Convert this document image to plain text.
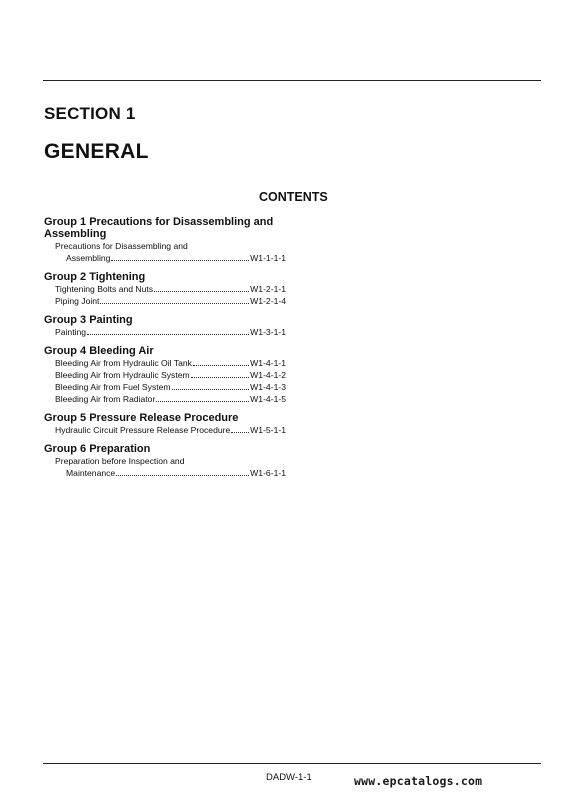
SECTION 1
GENERAL
CONTENTS
Group 1 Precautions for Disassembling and
Assembling
Precautions for Disassembling and
Assembling	W1-1-1-1
Group 2 Tightening
Tightening Bolts and Nuts	W1-2-1-1
Piping Joint	W1-2-1-4
Group 3 Painting
Painting	W1-3-1-1
Group 4 Bleeding Air
Bleeding Air from Hydraulic Oil Tank	W1-4-1-1
Bleeding Air from Hydraulic System	W1-4-1-2
Bleeding Air from Fuel System	W1-4-1-3
Bleeding Air from Radiator	W1-4-1-5
Group 5 Pressure Release Procedure
Hydraulic Circuit Pressure Release Procedure W1-5-1-1
Group 6 Preparation
Preparation before Inspection and
Maintenance	W1-6-1-1
DADW-1-1	www.epcatalogs.com
